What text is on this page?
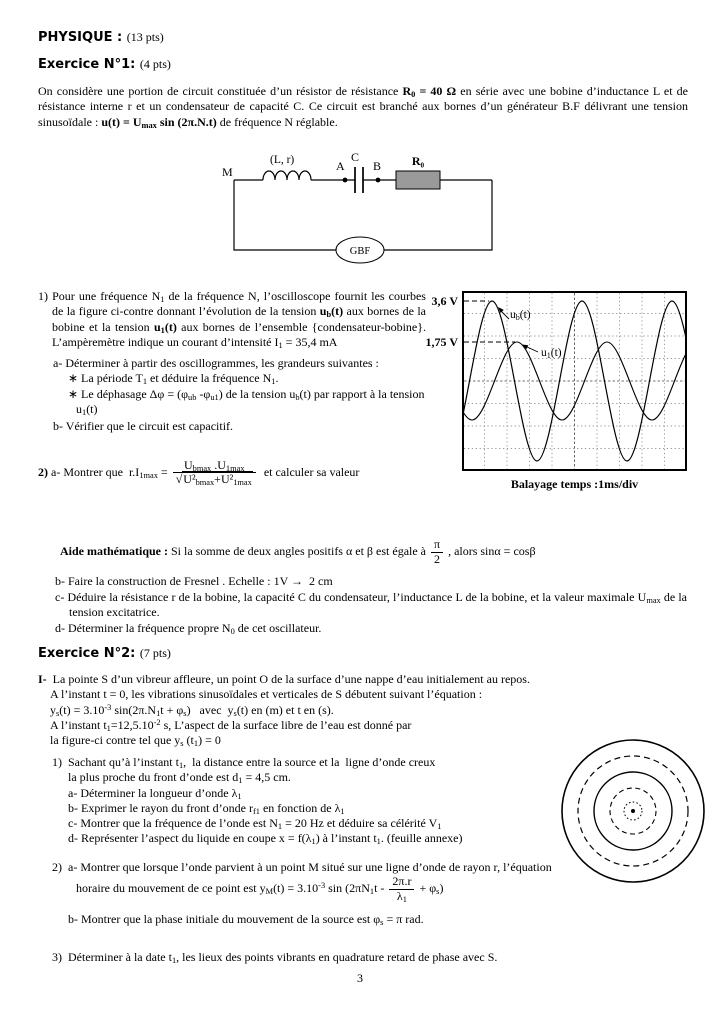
PHYSIQUE : (13 pts)
Exercice N°1: (4 pts)
On considère une portion de circuit constituée d’un résistor de résistance $R_0 = 40$ Ω en série avec une bobine d’inductance L et de résistance interne r et un condensateur de capacité C. Ce circuit est branché aux bornes d’un générateur B.F délivrant une tension sinusoïdale : $u(t) = U_{max}$ sin (2π.N.t) de fréquence N réglable.
M
(L, r)	A
C
B	R₀
GBF
1) Pour une fréquence $N_1$ de la fréquence N, l’oscilloscope fournit les courbes de la figure ci-contre donnant l’évolution de la tension $u_b(t)$ aux bornes de la bobine et la tension $u_1(t)$ aux bornes de l’ensemble {condensateur-bobine}. L’ampèremètre indique un courant d’intensité $I_1 = 35,4$ mA
a- Déterminer à partir des oscillogrammes, les grandeurs suivantes :
∗ La période $T_1$ et déduire la fréquence $N_1$.
∗ Le déphasage $\Delta\varphi = (\varphi_{ub}$ $-\varphi_{u1}$) de la tension $u_b(t)$ par rapport à la tension $u_1(t)$
b- Vérifier que le circuit est capacitif.
2) a- Montrer que  $r.I_{1max} = \frac{U_{bmax} .U_{1max}}{√U^2_{bmax}+U^2_{1max}}$ et calculer sa valeur
3,6 V
1,75 V
$u_b(t)$
$u_1(t)$
Balayage temps :1ms/div
Aide mathématique : Si la somme de deux angles positifs α et β est égale à $\frac{\pi}{2}$ , alors sinα = cosβ
b- Faire la construction de Fresnel . Echelle : 1V →  2 cm
c- Déduire la résistance r de la bobine, la capacité C du condensateur, l’inductance L de la bobine, et la valeur maximale $U_{max}$ de la tension excitatrice.
d- Déterminer la fréquence propre $N_0$ de cet oscillateur.
Exercice N°2: (7 pts)
I-  La pointe S d’un vibreur affleure, un point O de la surface d’une nappe d’eau initialement au repos.
A l’instant t = 0, les vibrations sinusoïdales et verticales de S débutent suivant l’équation :
$y_s(t) = 3.10^{-3}$ $\sin(2\pi.N_1t + \varphi_s)$   avec  $y_s(t)$ en (m) et t en (s).
A l’instant $t_1=12,5.10^{-2}$ s, L’aspect de la surface libre de l’eau est donné par
la figure-ci contre tel que $y_s$ $(t_1) = 0$
1)  Sachant qu’à l’instant $t_1$,  la distance entre la source et la  ligne d’onde creux
la plus proche du front d’onde est $d_1 = 4,5$ cm.
a- Déterminer la longueur d’onde $\lambda_1$
b- Exprimer le rayon du front d’onde $r_{f1}$ en fonction de $\lambda_1$
c- Montrer que la fréquence de l’onde est $N_1 = 20$ Hz et déduire sa célérité $V_1$
d- Représenter l’aspect du liquide en coupe $x = f(\lambda_1)$ à l’instant $t_1$. (feuille annexe)
2)  a- Montrer que lorsque l’onde parvient à un point M situé sur une ligne d’onde de rayon r, l’équation
horaire du mouvement de ce point est $y_M(t) = 3.10^{-3}$ $\sin (2\pi N_1t - \frac{2\pi.r}{\lambda_1} + \varphi_s)$
b- Montrer que la phase initiale du mouvement de la source est $\varphi_s = \pi$ rad.
3)  Déterminer à la date $t_1$, les lieux des points vibrants en quadrature retard de phase avec S.
3
